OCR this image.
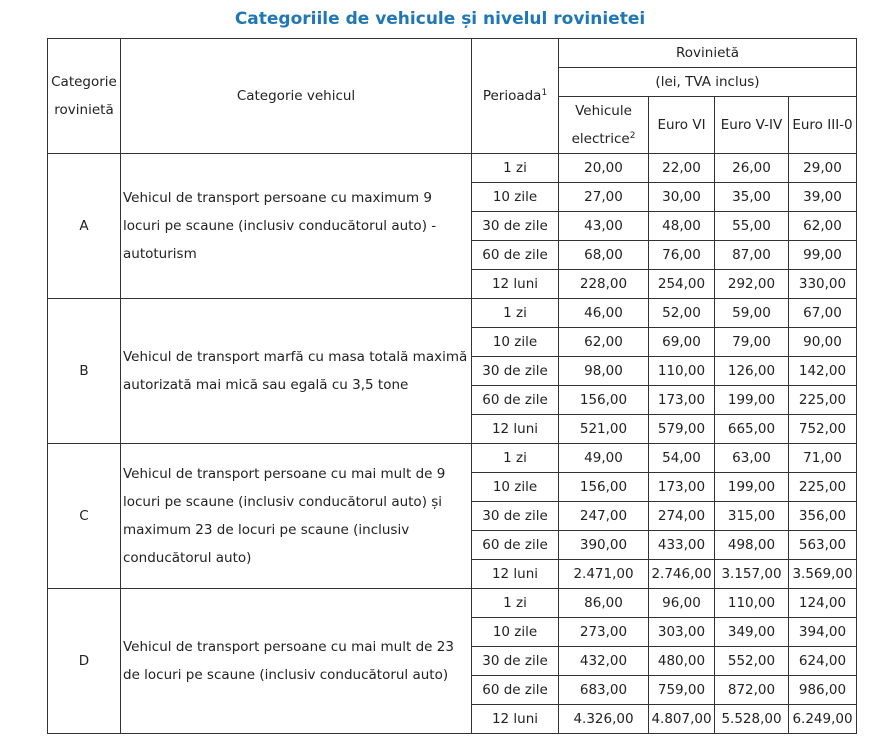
Categoriile de vehicule și nivelul rovinietei
Categorie
rovinietă	Categorie vehicul	Perioada$^1$	Rovinietă			
			(lei, TVA inclus)			

			Vehicule
electrice$^2$	Euro VI	Euro V-IV	Euro III-0
A	Vehicul de transport persoane cu maximum 9
locuri pe scaune (inclusiv conducătorul auto) -
autoturism	1 zi	20,00	22,00	26,00	29,00
		10 zile	27,00	30,00	35,00	39,00
		30 de zile	43,00	48,00	55,00	62,00
		60 de zile	68,00	76,00	87,00	99,00
		12 luni	228,00	254,00	292,00	330,00
B	Vehicul de transport marfă cu masa totală maximă
autorizată mai mică sau egală cu 3,5 tone	1 zi	46,00	52,00	59,00	67,00
		10 zile	62,00	69,00	79,00	90,00
		30 de zile	98,00	110,00	126,00	142,00
		60 de zile	156,00	173,00	199,00	225,00
		12 luni	521,00	579,00	665,00	752,00
C	Vehicul de transport persoane cu mai mult de 9
locuri pe scaune (inclusiv conducătorul auto) și
maximum 23 de locuri pe scaune (inclusiv
conducătorul auto)	1 zi	49,00	54,00	63,00	71,00
		10 zile	156,00	173,00	199,00	225,00
		30 de zile	247,00	274,00	315,00	356,00
		60 de zile	390,00	433,00	498,00	563,00
		12 luni	2.471,00	2.746,00	3.157,00	3.569,00
D	Vehicul de transport persoane cu mai mult de 23
de locuri pe scaune (inclusiv conducătorul auto)	1 zi	86,00	96,00	110,00	124,00
		10 zile	273,00	303,00	349,00	394,00
		30 de zile	432,00	480,00	552,00	624,00
		60 de zile	683,00	759,00	872,00	986,00
		12 luni	4.326,00	4.807,00	5.528,00	6.249,00
